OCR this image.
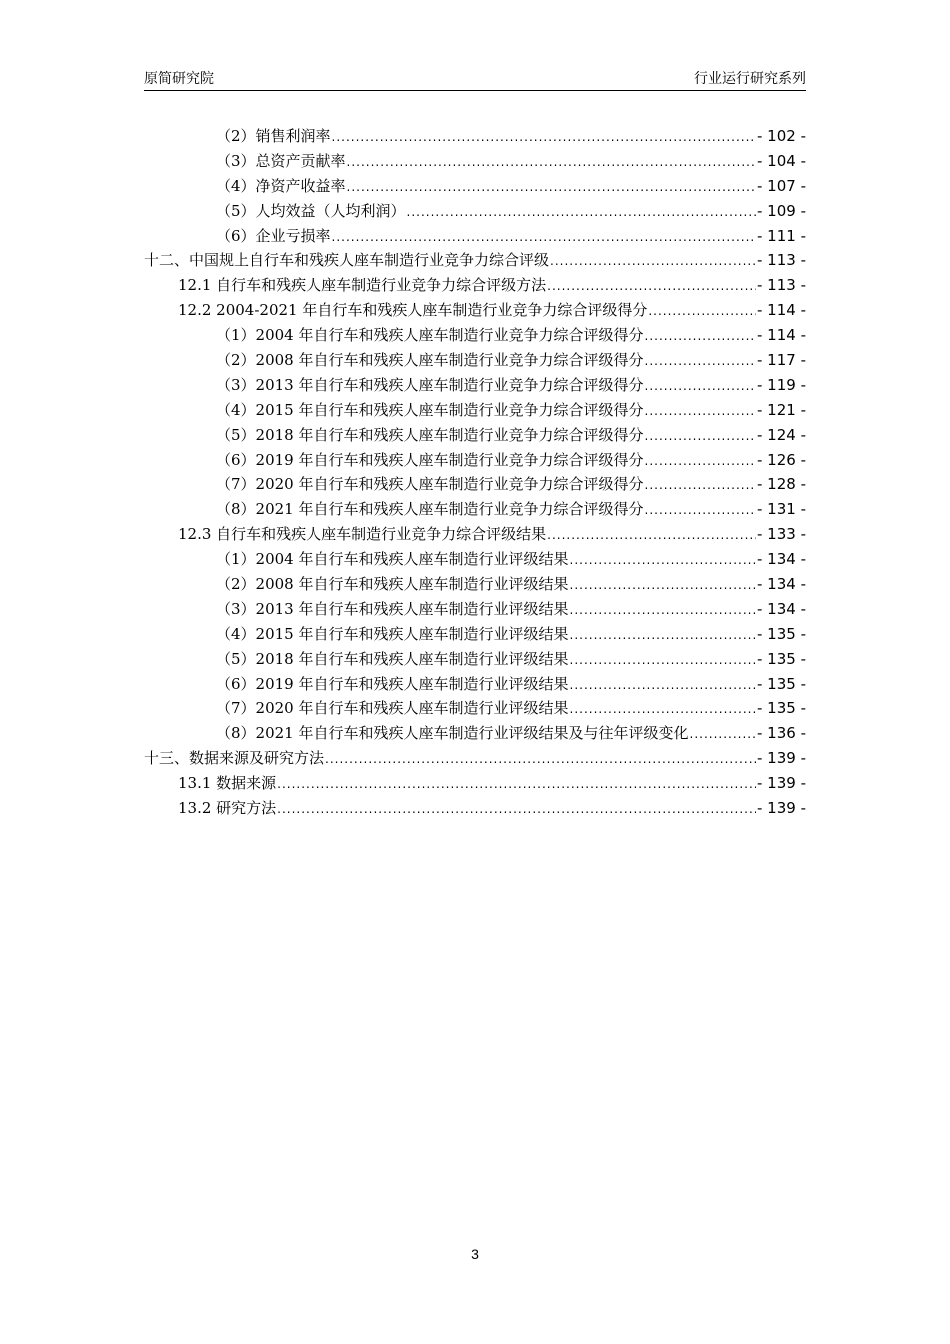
原简研究院	行业运行研究系列
（2）销售利润率 .....	- 102 -
（3）总资产贡献率 .....	- 104 -
（4）净资产收益率 .....	- 107 -
（5）人均效益（人均利润） .....	- 109 -
（6）企业亏损率 .....	- 111 -
十二、中国规上自行车和残疾人座车制造行业竞争力综合评级 .....	- 113 -
12.1 自行车和残疾人座车制造行业竞争力综合评级方法 .....	- 113 -
12.2 2004-2021 年自行车和残疾人座车制造行业竞争力综合评级得分 .....	- 114 -
（1）2004 年自行车和残疾人座车制造行业竞争力综合评级得分 .....	- 114 -
（2）2008 年自行车和残疾人座车制造行业竞争力综合评级得分 .....	- 117 -
（3）2013 年自行车和残疾人座车制造行业竞争力综合评级得分 .....	- 119 -
（4）2015 年自行车和残疾人座车制造行业竞争力综合评级得分 .....	- 121 -
（5）2018 年自行车和残疾人座车制造行业竞争力综合评级得分 .....	- 124 -
（6）2019 年自行车和残疾人座车制造行业竞争力综合评级得分 .....	- 126 -
（7）2020 年自行车和残疾人座车制造行业竞争力综合评级得分 .....	- 128 -
（8）2021 年自行车和残疾人座车制造行业竞争力综合评级得分 .....	- 131 -
12.3 自行车和残疾人座车制造行业竞争力综合评级结果 .....	- 133 -
（1）2004 年自行车和残疾人座车制造行业评级结果 .....	- 134 -
（2）2008 年自行车和残疾人座车制造行业评级结果 .....	- 134 -
（3）2013 年自行车和残疾人座车制造行业评级结果 .....	- 134 -
（4）2015 年自行车和残疾人座车制造行业评级结果 .....	- 135 -
（5）2018 年自行车和残疾人座车制造行业评级结果 .....	- 135 -
（6）2019 年自行车和残疾人座车制造行业评级结果 .....	- 135 -
（7）2020 年自行车和残疾人座车制造行业评级结果 .....	- 135 -
（8）2021 年自行车和残疾人座车制造行业评级结果及与往年评级变化 .....	- 136 -
十三、数据来源及研究方法 .....	- 139 -
13.1 数据来源 .....	- 139 -
13.2 研究方法 .....	- 139 -
3
